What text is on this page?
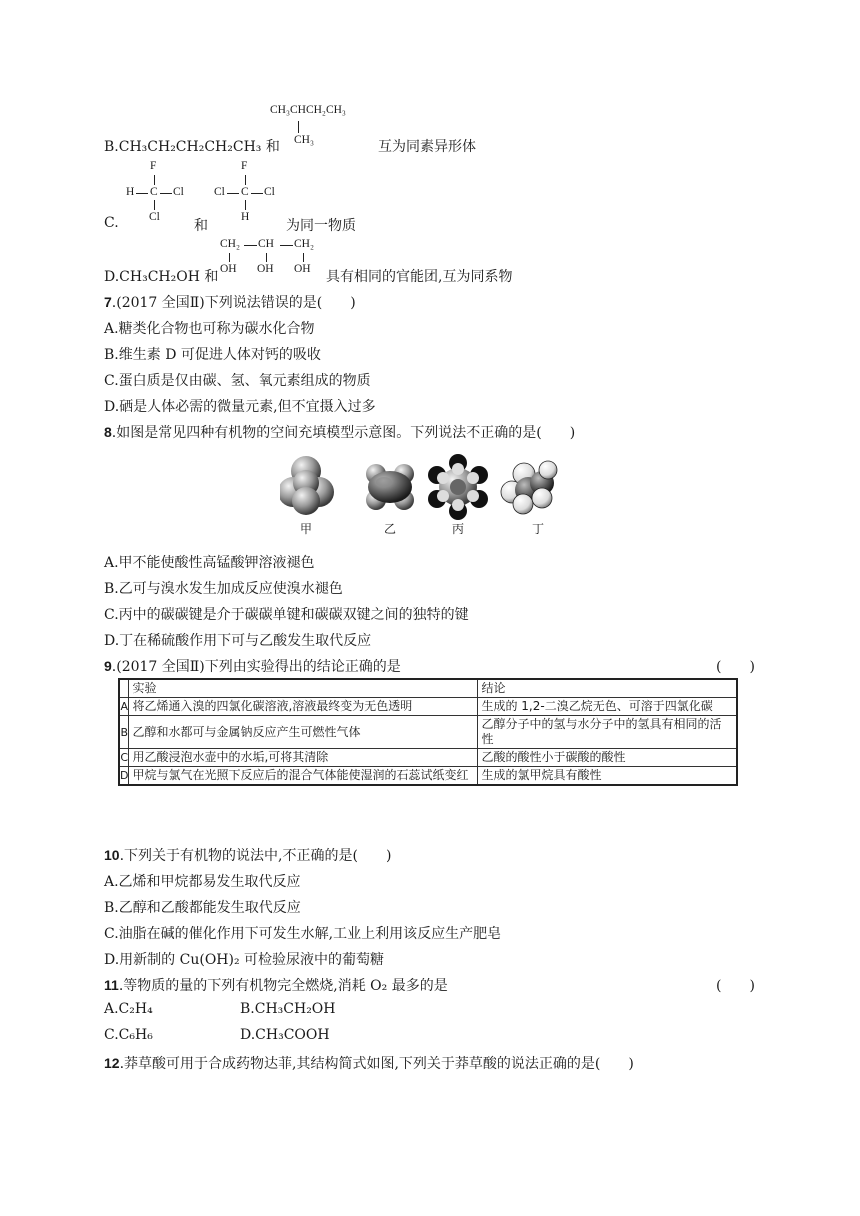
CH₃CHCH₂CH₃
CH₃
B.CH₃CH₂CH₂CH₂CH₃ 和	互为同素异形体
F
H C Cl
Cl
F
Cl C Cl
H
C.	和	为同一物质
CH₂ CH CH₂
OH OH OH
D.CH₃CH₂OH 和	具有相同的官能团,互为同系物
7.(2017 全国Ⅱ)下列说法错误的是(　　)
A.糖类化合物也可称为碳水化合物
B.维生素 D 可促进人体对钙的吸收
C.蛋白质是仅由碳、氢、氧元素组成的物质
D.硒是人体必需的微量元素,但不宜摄入过多
8.如图是常见四种有机物的空间充填模型示意图。下列说法不正确的是(　　)
甲	乙	丙	丁
A.甲不能使酸性高锰酸钾溶液褪色
B.乙可与溴水发生加成反应使溴水褪色
C.丙中的碳碳键是介于碳碳单键和碳碳双键之间的独特的键
D.丁在稀硫酸作用下可与乙酸发生取代反应
9.(2017 全国Ⅱ)下列由实验得出的结论正确的是	(　　)
	实验	结论
A	将乙烯通入溴的四氯化碳溶液,溶液最终变为无色透明	生成的 1,2-二溴乙烷无色、可溶于四氯化碳
B	乙醇和水都可与金属钠反应产生可燃性气体	乙醇分子中的氢与水分子中的氢具有相同的活性
C	用乙酸浸泡水壶中的水垢,可将其清除	乙酸的酸性小于碳酸的酸性
D	甲烷与氯气在光照下反应后的混合气体能使湿润的石蕊试纸变红	生成的氯甲烷具有酸性
10.下列关于有机物的说法中,不正确的是(　　)
A.乙烯和甲烷都易发生取代反应
B.乙醇和乙酸都能发生取代反应
C.油脂在碱的催化作用下可发生水解,工业上利用该反应生产肥皂
D.用新制的 Cu(OH)₂ 可检验尿液中的葡萄糖
11.等物质的量的下列有机物完全燃烧,消耗 O₂ 最多的是	(　　)
A.C₂H₄	B.CH₃CH₂OH
C.C₆H₆	D.CH₃COOH
12.莽草酸可用于合成药物达菲,其结构简式如图,下列关于莽草酸的说法正确的是(　　)
